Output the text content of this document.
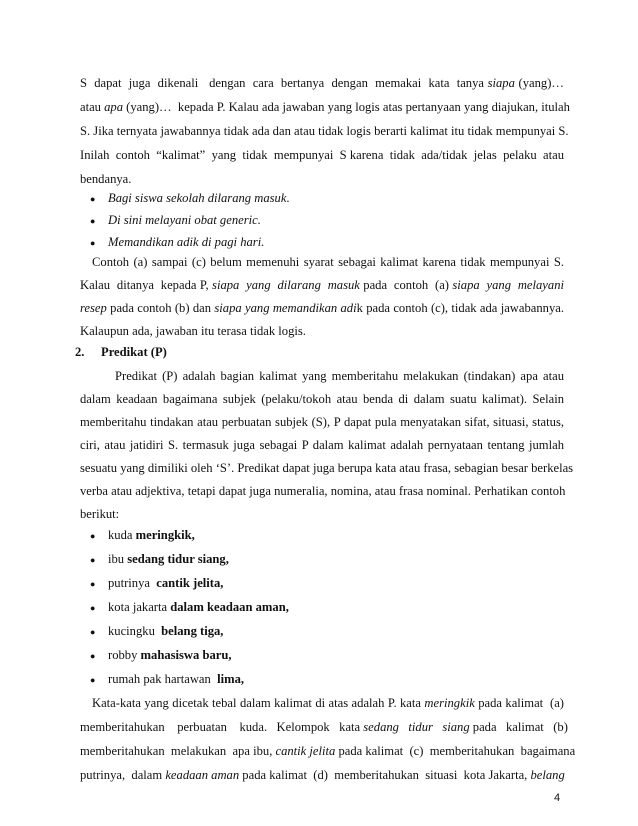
S  dapat  juga  dikenali   dengan  cara  bertanya  dengan  memakai  kata  tanya siapa (yang)…
atau apa (yang)…  kepada P. Kalau ada jawaban yang logis atas pertanyaan yang diajukan, itulah
S. Jika ternyata jawabannya tidak ada dan atau tidak logis berarti kalimat itu tidak mempunyai S.
Inilah  contoh  “kalimat”  yang  tidak  mempunyai  S karena  tidak  ada/tidak  jelas  pelaku  atau
bendanya.
● Bagi siswa sekolah dilarang masuk.
● Di sini melayani obat generic.
● Memandikan adik di pagi hari.
Contoh (a) sampai (c) belum memenuhi syarat sebagai kalimat karena tidak mempunyai S.
Kalau  ditanya  kepada P, siapa  yang  dilarang  masuk pada  contoh  (a) siapa  yang  melayani
resep pada contoh (b) dan siapa yang memandikan adik pada contoh (c), tidak ada jawabannya.
Kalaupun ada, jawaban itu terasa tidak logis.
2. Predikat (P)
Predikat (P) adalah bagian kalimat yang memberitahu melakukan (tindakan) apa atau
dalam keadaan bagaimana subjek (pelaku/tokoh atau benda di dalam suatu kalimat). Selain
memberitahu tindakan atau perbuatan subjek (S), P dapat pula menyatakan sifat, situasi, status,
ciri, atau jatidiri S. termasuk juga sebagai P dalam kalimat adalah pernyataan tentang jumlah
sesuatu yang dimiliki oleh ‘S’. Predikat dapat juga berupa kata atau frasa, sebagian besar berkelas
verba atau adjektiva, tetapi dapat juga numeralia, nomina, atau frasa nominal. Perhatikan contoh
berikut:
● kuda meringkik,
● ibu sedang tidur siang,
● putrinya  cantik jelita,
● kota jakarta dalam keadaan aman,
● kucingku  belang tiga,
● robby mahasiswa baru,
● rumah pak hartawan  lima,
Kata-kata yang dicetak tebal dalam kalimat di atas adalah P. kata meringkik pada kalimat  (a)
memberitahukan    perbuatan    kuda.   Kelompok   kata sedang   tidur   siang pada   kalimat   (b)
memberitahukan  melakukan  apa ibu, cantik jelita pada kalimat  (c)  memberitahukan  bagaimana
putrinya,  dalam keadaan aman pada kalimat  (d)  memberitahukan  situasi  kota Jakarta, belang
4
